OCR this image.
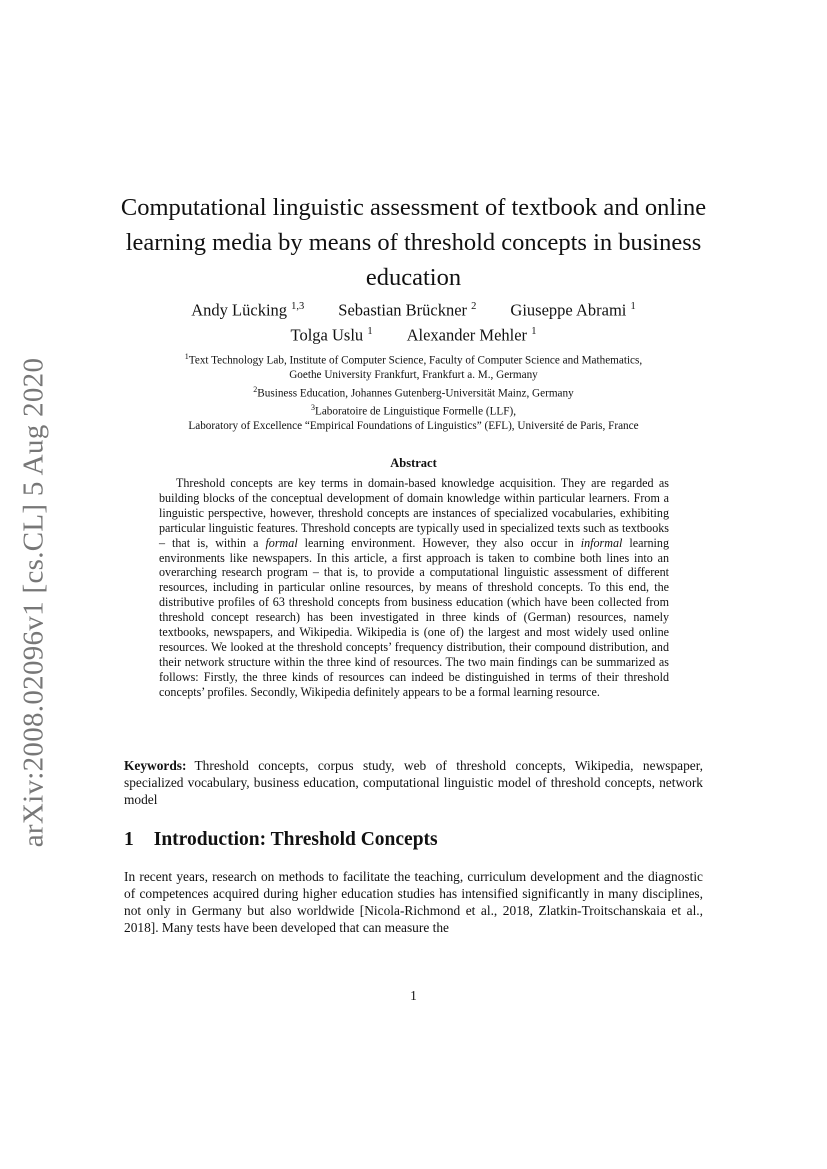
arXiv:2008.02096v1 [cs.CL] 5 Aug 2020
Computational linguistic assessment of textbook and online learning media by means of threshold concepts in business education
Andy Lücking $^{1,3}$ Sebastian Brückner $^2$ Giuseppe Abrami $^1$
Tolga Uslu $^1$ Alexander Mehler $^1$
$^1$Text Technology Lab, Institute of Computer Science, Faculty of Computer Science and Mathematics,
Goethe University Frankfurt, Frankfurt a. M., Germany
$^2$Business Education, Johannes Gutenberg-Universität Mainz, Germany
$^3$Laboratoire de Linguistique Formelle (LLF),
Laboratory of Excellence “Empirical Foundations of Linguistics” (EFL), Université de Paris, France
Abstract

Threshold concepts are key terms in domain-based knowledge acquisition. They are regarded as building blocks of the conceptual development of domain knowledge within particular learners. From a linguistic perspective, however, threshold concepts are instances of specialized vocabularies, exhibiting particular linguistic features. Threshold concepts are typically used in specialized texts such as textbooks – that is, within a formal learning environment. However, they also occur in informal learning environments like newspapers. In this article, a first approach is taken to combine both lines into an overarching research program – that is, to provide a computational linguistic assessment of different resources, including in particular online resources, by means of threshold concepts. To this end, the distributive profiles of 63 threshold concepts from business education (which have been collected from threshold concept research) has been investigated in three kinds of (German) resources, namely textbooks, newspapers, and Wikipedia. Wikipedia is (one of) the largest and most widely used online resources. We looked at the threshold concepts’ frequency distribution, their compound distribution, and their network structure within the three kind of resources. The two main findings can be summarized as follows: Firstly, the three kinds of resources can indeed be distinguished in terms of their threshold concepts’ profiles. Secondly, Wikipedia definitely appears to be a formal learning resource.

Keywords: Threshold concepts, corpus study, web of threshold concepts, Wikipedia, newspaper, specialized vocabulary, business education, computational linguistic model of threshold concepts, network model

1 Introduction: Threshold Concepts

In recent years, research on methods to facilitate the teaching, curriculum development and the diagnostic of competences acquired during higher education studies has intensified significantly in many disciplines, not only in Germany but also worldwide [Nicola-Richmond et al., 2018, Zlatkin-Troitschanskaia et al., 2018]. Many tests have been developed that can measure the

1
